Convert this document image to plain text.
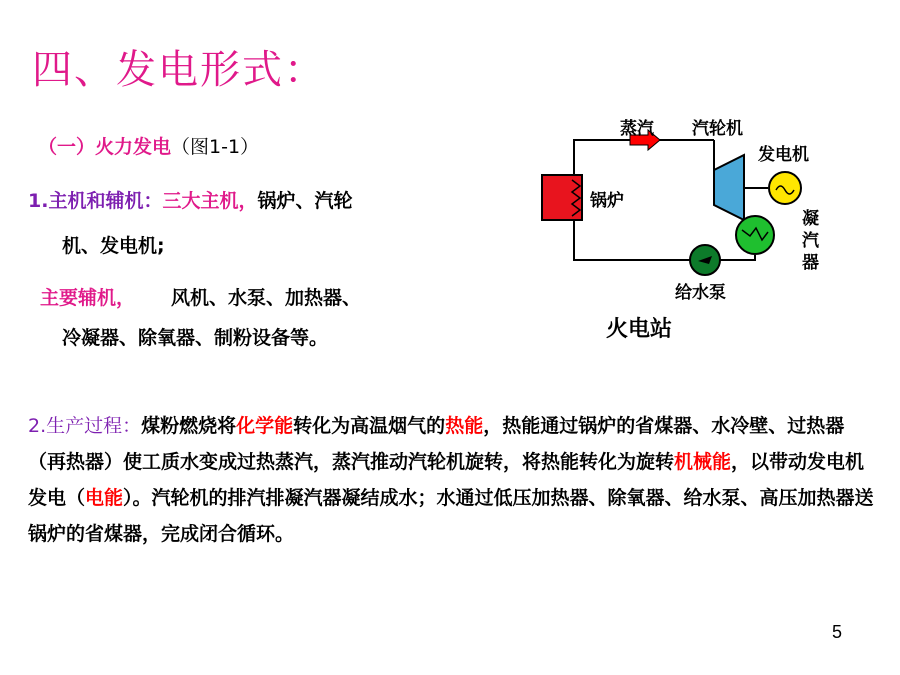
四、发电形式：
（一）火力发电（图1-1）
1.主机和辅机：三大主机，锅炉、汽轮
机、发电机;
主要辅机， 风机、水泵、加热器、
冷凝器、除氧器、制粉设备等。
蒸汽 汽轮机
发电机
锅炉
凝
汽
器
给水泵
火电站
2.生产过程：煤粉燃烧将化学能转化为高温烟气的热能，热能通过锅炉的省煤器、水冷壁、过热器（再热器）使工质水变成过热蒸汽，蒸汽推动汽轮机旋转，将热能转化为旋转机械能，以带动发电机发电（电能）。汽轮机的排汽排凝汽器凝结成水；水通过低压加热器、除氧器、给水泵、高压加热器送锅炉的省煤器，完成闭合循环。
5
